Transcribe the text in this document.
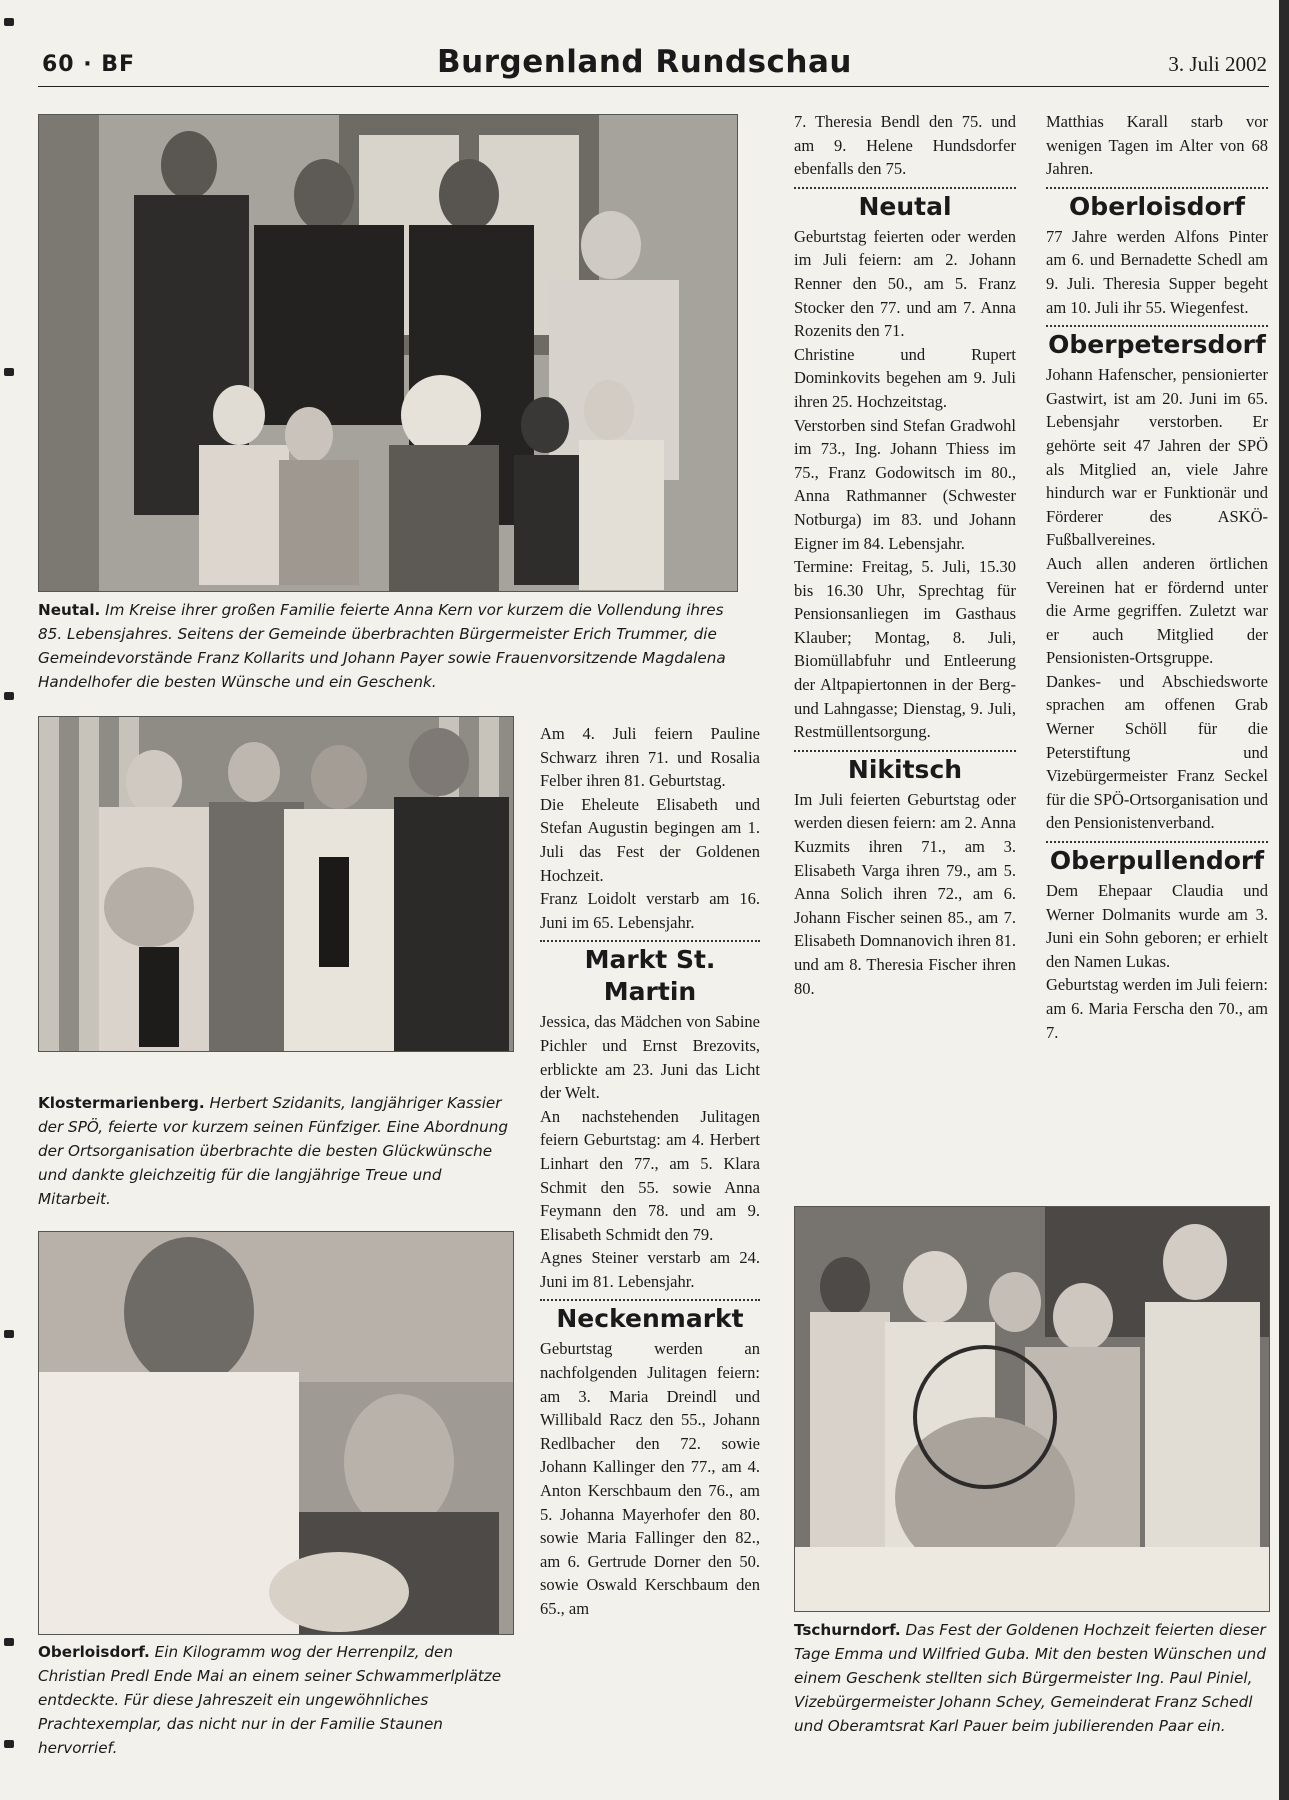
60 · BF	Burgenland Rundschau	3. Juli 2002
Neutal. Im Kreise ihrer großen Familie feierte Anna Kern vor kurzem die Vollendung ihres 85. Lebensjahres. Seitens der Gemeinde überbrachten Bürgermeister Erich Trummer, die Gemeindevorstände Franz Kollarits und Johann Payer sowie Frauenvorsitzende Magdalena Handelhofer die besten Wünsche und ein Geschenk.
Klostermarienberg. Herbert Szidanits, langjähriger Kassier der SPÖ, feierte vor kurzem seinen Fünfziger. Eine Abordnung der Ortsorganisation überbrachte die besten Glückwünsche und dankte gleichzeitig für die langjährige Treue und Mitarbeit.
Oberloisdorf. Ein Kilogramm wog der Herrenpilz, den Christian Predl Ende Mai an einem seiner Schwammerlplätze entdeckte. Für diese Jahreszeit ein ungewöhnliches Prachtexemplar, das nicht nur in der Familie Staunen hervorrief.

Am 4. Juli feiern Pauline Schwarz ihren 71. und Rosalia Felber ihren 81. Geburtstag.

Die Eheleute Elisabeth und Stefan Augustin begingen am 1. Juli das Fest der Goldenen Hochzeit.

Franz Loidolt verstarb am 16. Juni im 65. Lebensjahr.

Markt St. Martin

Jessica, das Mädchen von Sabine Pichler und Ernst Brezovits, erblickte am 23. Juni das Licht der Welt.

An nachstehenden Julitagen feiern Geburtstag: am 4. Herbert Linhart den 77., am 5. Klara Schmit den 55. sowie Anna Feymann den 78. und am 9. Elisabeth Schmidt den 79.

Agnes Steiner verstarb am 24. Juni im 81. Lebensjahr.

Neckenmarkt

Geburtstag werden an nachfolgenden Julitagen feiern: am 3. Maria Dreindl und Willibald Racz den 55., Johann Redlbacher den 72. sowie Johann Kallinger den 77., am 4. Anton Kerschbaum den 76., am 5. Johanna Mayerhofer den 80. sowie Maria Fallinger den 82., am 6. Gertrude Dorner den 50. sowie Oswald Kerschbaum den 65., am

7. Theresia Bendl den 75. und am 9. Helene Hundsdorfer ebenfalls den 75.

Neutal

Geburtstag feierten oder werden im Juli feiern: am 2. Johann Renner den 50., am 5. Franz Stocker den 77. und am 7. Anna Rozenits den 71.

Christine und Rupert Dominkovits begehen am 9. Juli ihren 25. Hochzeitstag.

Verstorben sind Stefan Gradwohl im 73., Ing. Johann Thiess im 75., Franz Godowitsch im 80., Anna Rathmanner (Schwester Notburga) im 83. und Johann Eigner im 84. Lebensjahr.

Termine: Freitag, 5. Juli, 15.30 bis 16.30 Uhr, Sprechtag für Pensionsanliegen im Gasthaus Klauber; Montag, 8. Juli, Biomüllabfuhr und Entleerung der Altpapiertonnen in der Berg- und Lahngasse; Dienstag, 9. Juli, Restmüllentsorgung.

Nikitsch

Im Juli feierten Geburtstag oder werden diesen feiern: am 2. Anna Kuzmits ihren 71., am 3. Elisabeth Varga ihren 79., am 5. Anna Solich ihren 72., am 6. Johann Fischer seinen 85., am 7. Elisabeth Domnanovich ihren 81. und am 8. Theresia Fischer ihren 80.

Matthias Karall starb vor wenigen Tagen im Alter von 68 Jahren.

Oberloisdorf

77 Jahre werden Alfons Pinter am 6. und Bernadette Schedl am 9. Juli. Theresia Supper begeht am 10. Juli ihr 55. Wiegenfest.

Oberpetersdorf

Johann Hafenscher, pensionierter Gastwirt, ist am 20. Juni im 65. Lebensjahr verstorben. Er gehörte seit 47 Jahren der SPÖ als Mitglied an, viele Jahre hindurch war er Funktionär und Förderer des ASKÖ-Fußballvereines.

Auch allen anderen örtlichen Vereinen hat er fördernd unter die Arme gegriffen. Zuletzt war er auch Mitglied der Pensionisten-Ortsgruppe. Dankes- und Abschiedsworte sprachen am offenen Grab Werner Schöll für die Peterstiftung und Vizebürgermeister Franz Seckel für die SPÖ-Ortsorganisation und den Pensionistenverband.

Oberpullendorf

Dem Ehepaar Claudia und Werner Dolmanits wurde am 3. Juni ein Sohn geboren; er erhielt den Namen Lukas.

Geburtstag werden im Juli feiern: am 6. Maria Ferscha den 70., am 7.

Tschurndorf. Das Fest der Goldenen Hochzeit feierten dieser Tage Emma und Wilfried Guba. Mit den besten Wünschen und einem Geschenk stellten sich Bürgermeister Ing. Paul Piniel, Vizebürgermeister Johann Schey, Gemeinderat Franz Schedl und Oberamtsrat Karl Pauer beim jubilierenden Paar ein.
